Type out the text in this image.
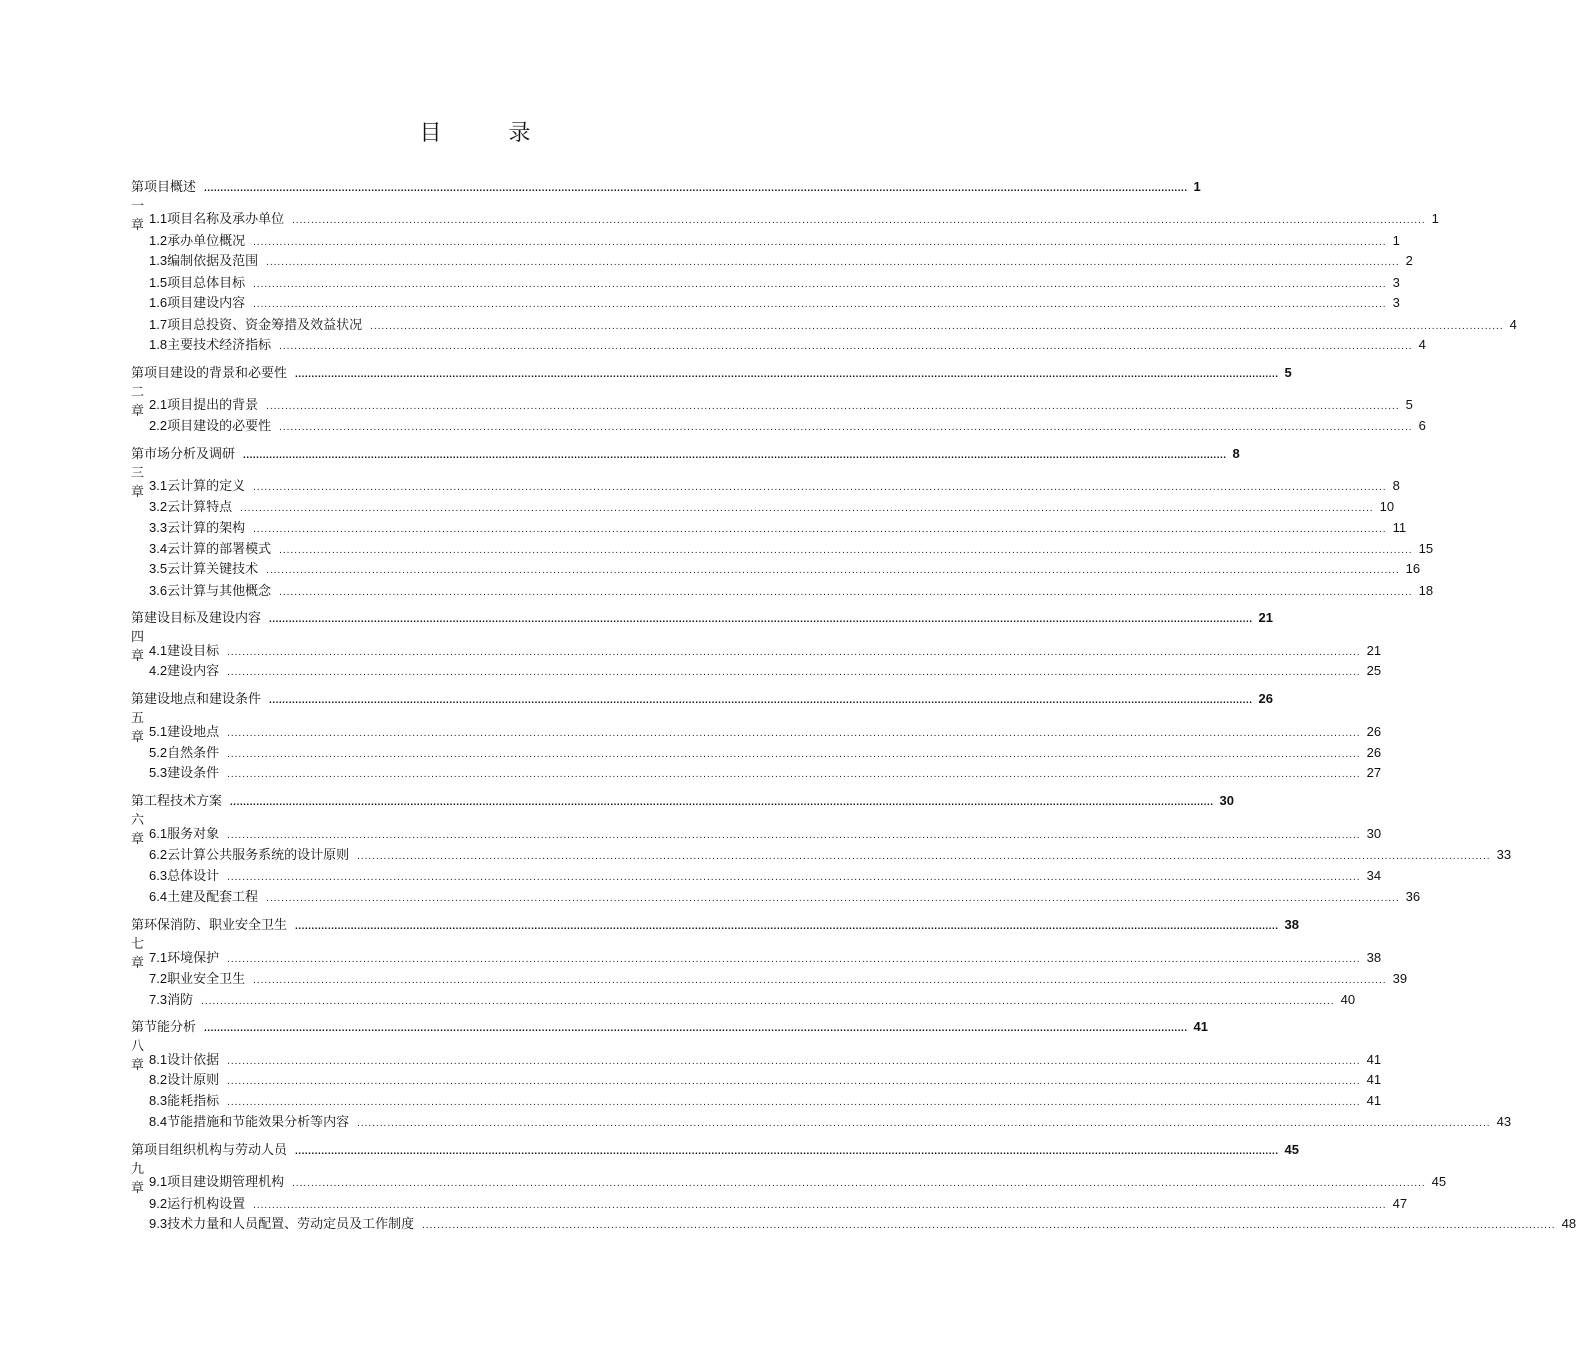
目 录
第一章
项目概述 ............................................................................................................................................................................................................................................................................................................ 1
1.1 项目名称及承办单位 ............................................................................................................................................................................................................................................................................................................ 1
1.2 承办单位概况 ............................................................................................................................................................................................................................................................................................................ 1
1.3 编制依据及范围 ............................................................................................................................................................................................................................................................................................................ 2
1.5 项目总体目标 ............................................................................................................................................................................................................................................................................................................ 3
1.6 项目建设内容 ............................................................................................................................................................................................................................................................................................................ 3
1.7 项目总投资、资金筹措及效益状况 ............................................................................................................................................................................................................................................................................................................ 4
1.8 主要技术经济指标 ............................................................................................................................................................................................................................................................................................................ 4
第二章
项目建设的背景和必要性 ............................................................................................................................................................................................................................................................................................................ 5
2.1 项目提出的背景 ............................................................................................................................................................................................................................................................................................................ 5
2.2 项目建设的必要性 ............................................................................................................................................................................................................................................................................................................ 6
第三章
市场分析及调研 ............................................................................................................................................................................................................................................................................................................ 8
3.1 云计算的定义 ............................................................................................................................................................................................................................................................................................................ 8
3.2 云计算特点 ............................................................................................................................................................................................................................................................................................................ 10
3.3 云计算的架构 ............................................................................................................................................................................................................................................................................................................ 11
3.4 云计算的部署模式 ............................................................................................................................................................................................................................................................................................................ 15
3.5 云计算关键技术 ............................................................................................................................................................................................................................................................................................................ 16
3.6 云计算与其他概念 ............................................................................................................................................................................................................................................................................................................ 18
第四章
建设目标及建设内容 ............................................................................................................................................................................................................................................................................................................ 21
4.1 建设目标 ............................................................................................................................................................................................................................................................................................................ 21
4.2 建设内容 ............................................................................................................................................................................................................................................................................................................ 25
第五章
建设地点和建设条件 ............................................................................................................................................................................................................................................................................................................ 26
5.1 建设地点 ............................................................................................................................................................................................................................................................................................................ 26
5.2 自然条件 ............................................................................................................................................................................................................................................................................................................ 26
5.3 建设条件 ............................................................................................................................................................................................................................................................................................................ 27
第六章
工程技术方案 ............................................................................................................................................................................................................................................................................................................ 30
6.1 服务对象 ............................................................................................................................................................................................................................................................................................................ 30
6.2 云计算公共服务系统的设计原则 ............................................................................................................................................................................................................................................................................................................ 33
6.3 总体设计 ............................................................................................................................................................................................................................................................................................................ 34
6.4 土建及配套工程 ............................................................................................................................................................................................................................................................................................................ 36
第七章
环保消防、职业安全卫生 ............................................................................................................................................................................................................................................................................................................ 38
7.1 环境保护 ............................................................................................................................................................................................................................................................................................................ 38
7.2 职业安全卫生 ............................................................................................................................................................................................................................................................................................................ 39
7.3 消防 ............................................................................................................................................................................................................................................................................................................ 40
第八章
节能分析 ............................................................................................................................................................................................................................................................................................................ 41
8.1 设计依据 ............................................................................................................................................................................................................................................................................................................ 41
8.2 设计原则 ............................................................................................................................................................................................................................................................................................................ 41
8.3 能耗指标 ............................................................................................................................................................................................................................................................................................................ 41
8.4 节能措施和节能效果分析等内容 ............................................................................................................................................................................................................................................................................................................ 43
第九章
项目组织机构与劳动人员 ............................................................................................................................................................................................................................................................................................................ 45
9.1 项目建设期管理机构 ............................................................................................................................................................................................................................................................................................................ 45
9.2 运行机构设置 ............................................................................................................................................................................................................................................................................................................ 47
9.3 技术力量和人员配置、劳动定员及工作制度 ............................................................................................................................................................................................................................................................................................................ 48
